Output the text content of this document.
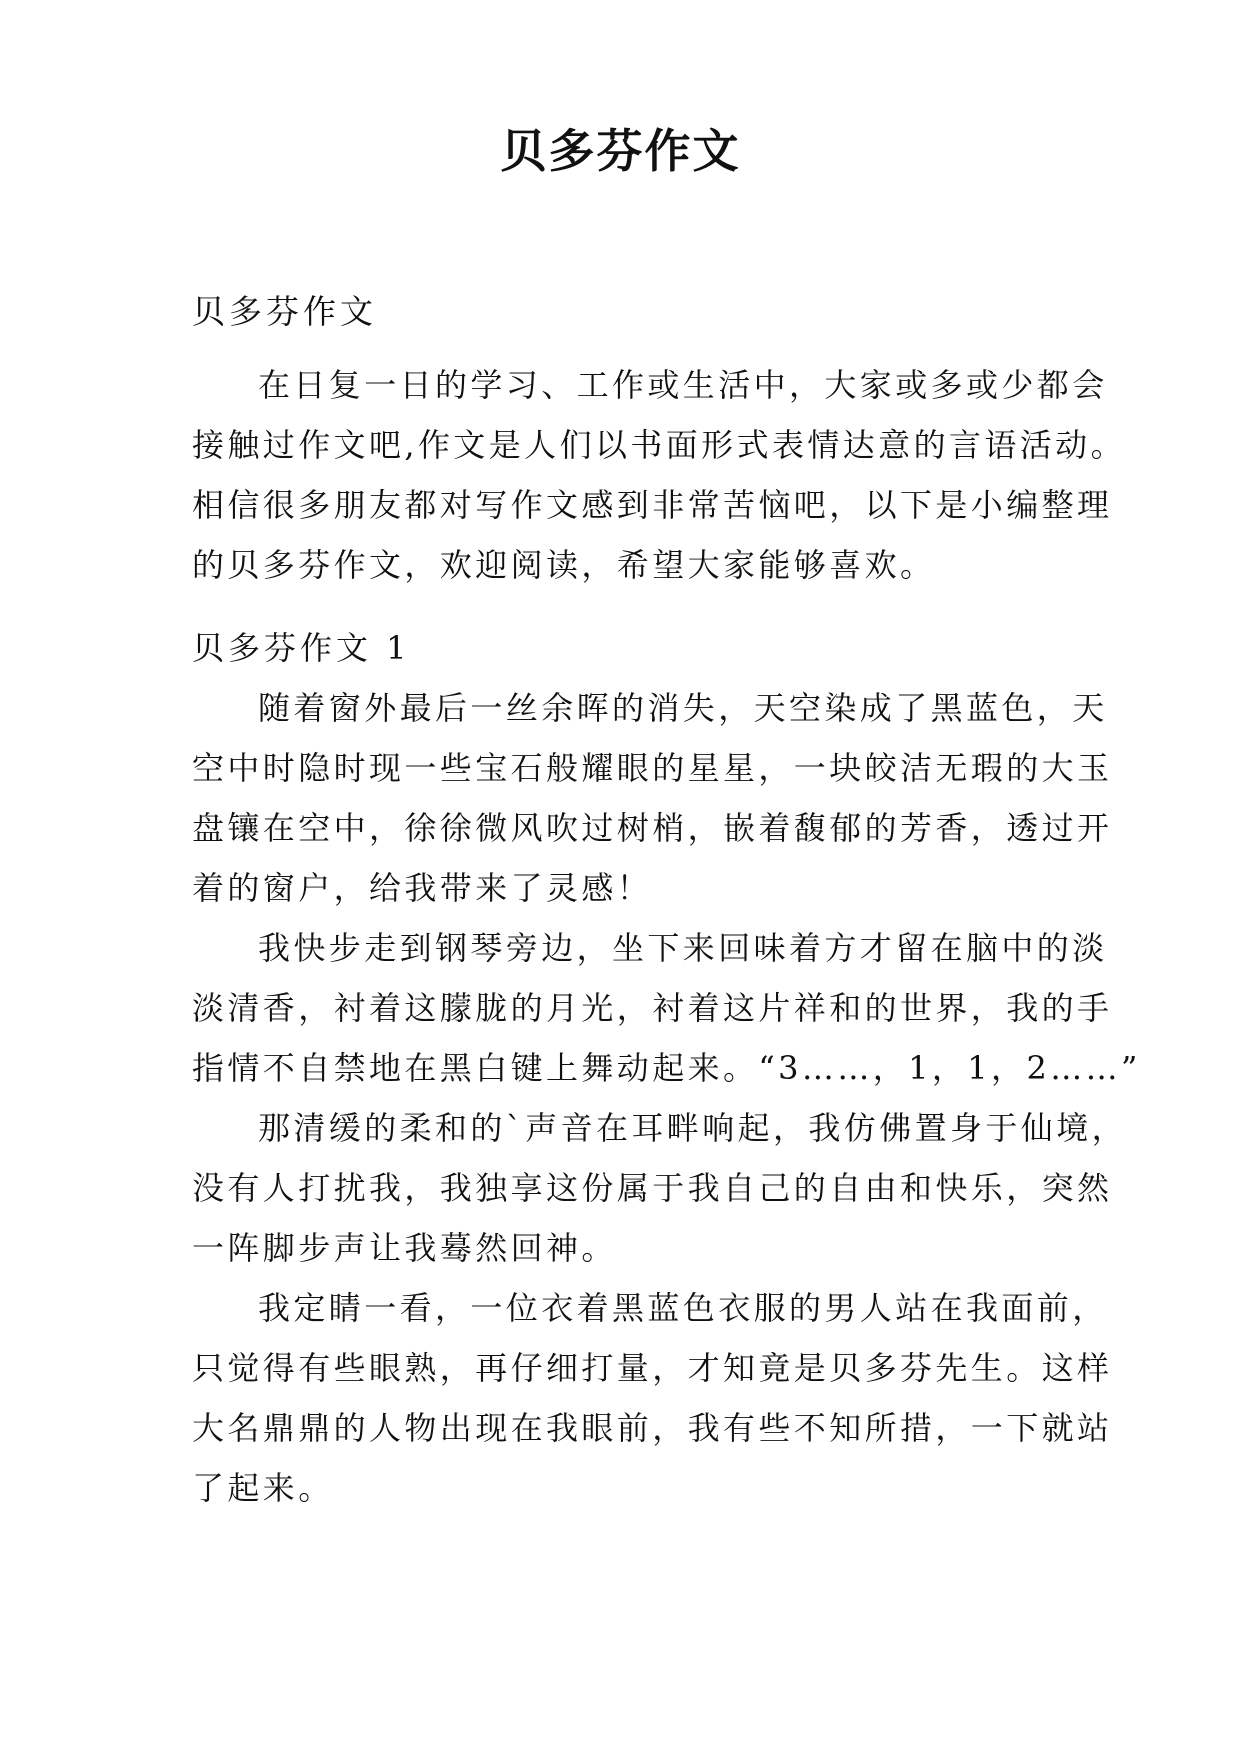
贝多芬作文

贝多芬作文

在日复一日的学习、工作或生活中，大家或多或少都会
接触过作文吧,作文是人们以书面形式表情达意的言语活动。
相信很多朋友都对写作文感到非常苦恼吧，以下是小编整理
的贝多芬作文，欢迎阅读，希望大家能够喜欢。
贝多芬作文 1
随着窗外最后一丝余晖的消失，天空染成了黑蓝色，天
空中时隐时现一些宝石般耀眼的星星，一块皎洁无瑕的大玉
盘镶在空中，徐徐微风吹过树梢，嵌着馥郁的芳香，透过开
着的窗户，给我带来了灵感！
我快步走到钢琴旁边，坐下来回味着方才留在脑中的淡
淡清香，衬着这朦胧的月光，衬着这片祥和的世界，我的手
指情不自禁地在黑白键上舞动起来。“3……，1，1，2……”
那清缓的柔和的`声音在耳畔响起，我仿佛置身于仙境，
没有人打扰我，我独享这份属于我自己的自由和快乐，突然
一阵脚步声让我蓦然回神。
我定睛一看，一位衣着黑蓝色衣服的男人站在我面前，
只觉得有些眼熟，再仔细打量，才知竟是贝多芬先生。这样
大名鼎鼎的人物出现在我眼前，我有些不知所措，一下就站
了起来。
